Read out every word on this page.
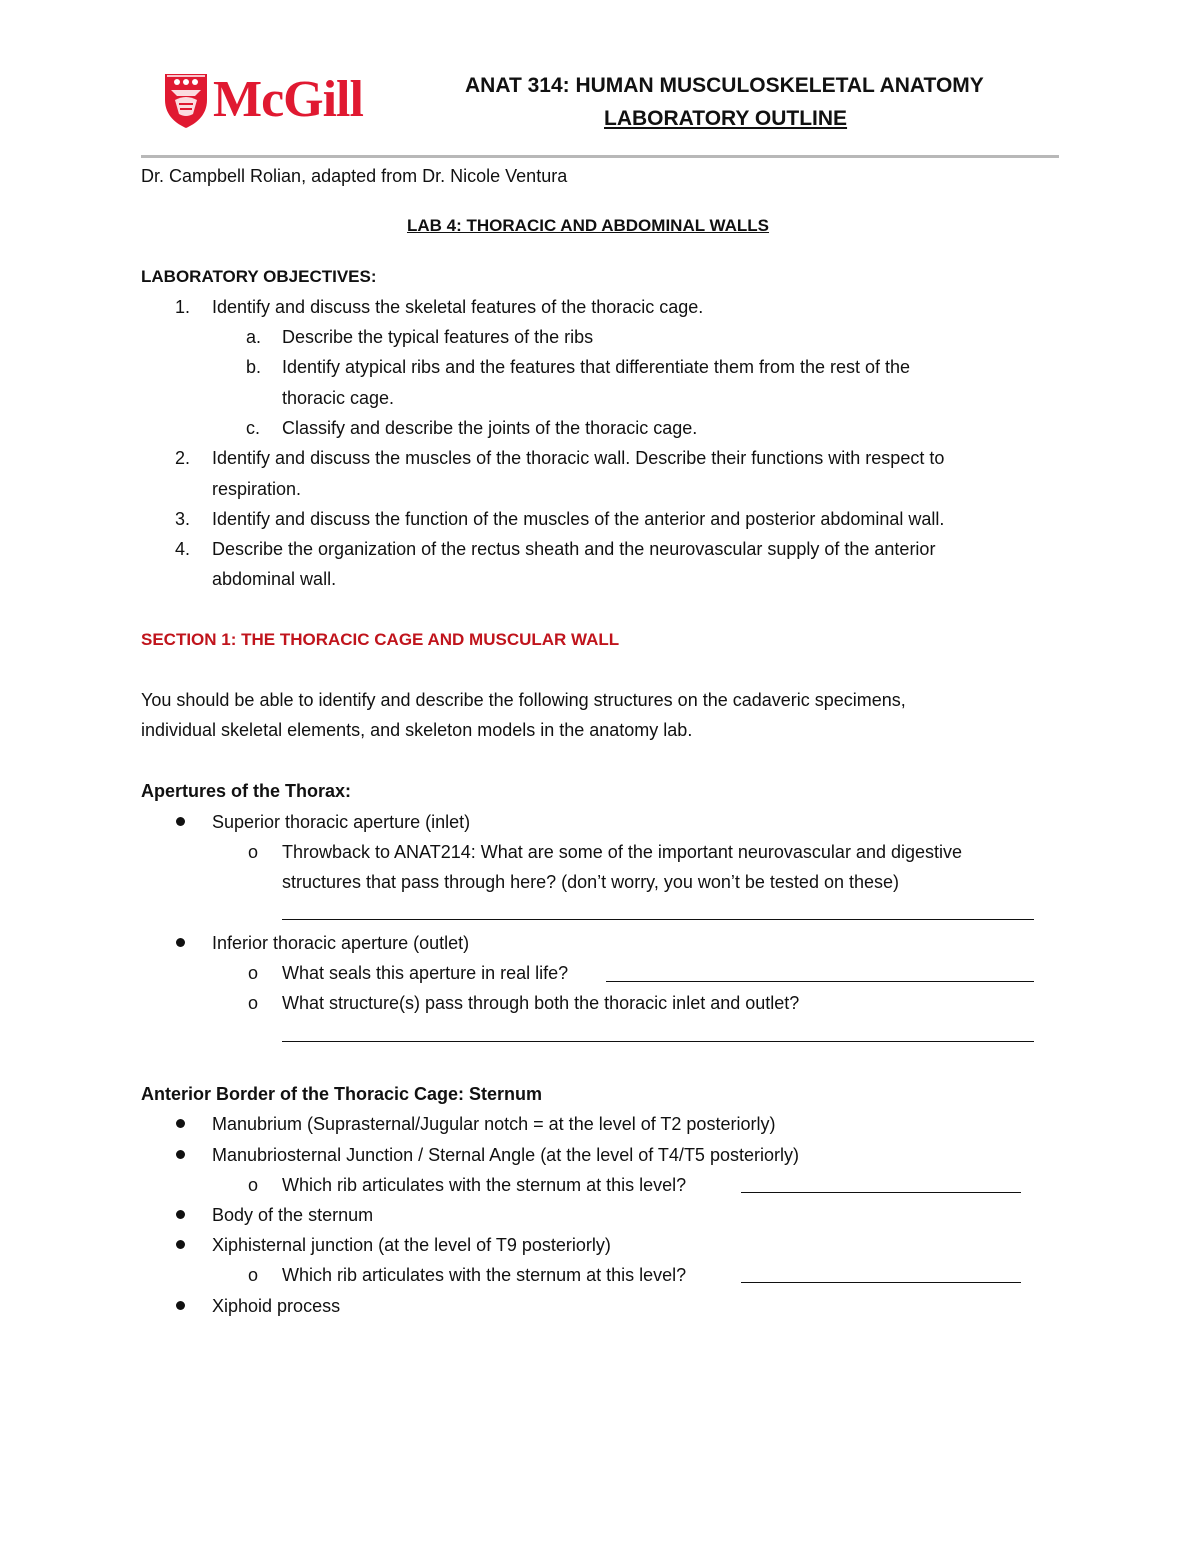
McGill	ANAT 314: HUMAN MUSCULOSKELETAL ANATOMY
LABORATORY OUTLINE
Dr. Campbell Rolian, adapted from Dr. Nicole Ventura
LAB 4: THORACIC AND ABDOMINAL WALLS
LABORATORY OBJECTIVES:
1. Identify and discuss the skeletal features of the thoracic cage.
a. Describe the typical features of the ribs
b. Identify atypical ribs and the features that differentiate them from the rest of the
thoracic cage.
c. Classify and describe the joints of the thoracic cage.
2. Identify and discuss the muscles of the thoracic wall. Describe their functions with respect to
respiration.
3. Identify and discuss the function of the muscles of the anterior and posterior abdominal wall.
4. Describe the organization of the rectus sheath and the neurovascular supply of the anterior
abdominal wall.
SECTION 1: THE THORACIC CAGE AND MUSCULAR WALL
You should be able to identify and describe the following structures on the cadaveric specimens,
individual skeletal elements, and skeleton models in the anatomy lab.
Apertures of the Thorax:
Superior thoracic aperture (inlet)
o Throwback to ANAT214: What are some of the important neurovascular and digestive
structures that pass through here? (don’t worry, you won’t be tested on these)
Inferior thoracic aperture (outlet)
o What seals this aperture in real life?
o What structure(s) pass through both the thoracic inlet and outlet?
Anterior Border of the Thoracic Cage: Sternum
Manubrium (Suprasternal/Jugular notch = at the level of T2 posteriorly)
Manubriosternal Junction / Sternal Angle (at the level of T4/T5 posteriorly)
o Which rib articulates with the sternum at this level?
Body of the sternum
Xiphisternal junction (at the level of T9 posteriorly)
o Which rib articulates with the sternum at this level?
Xiphoid process
